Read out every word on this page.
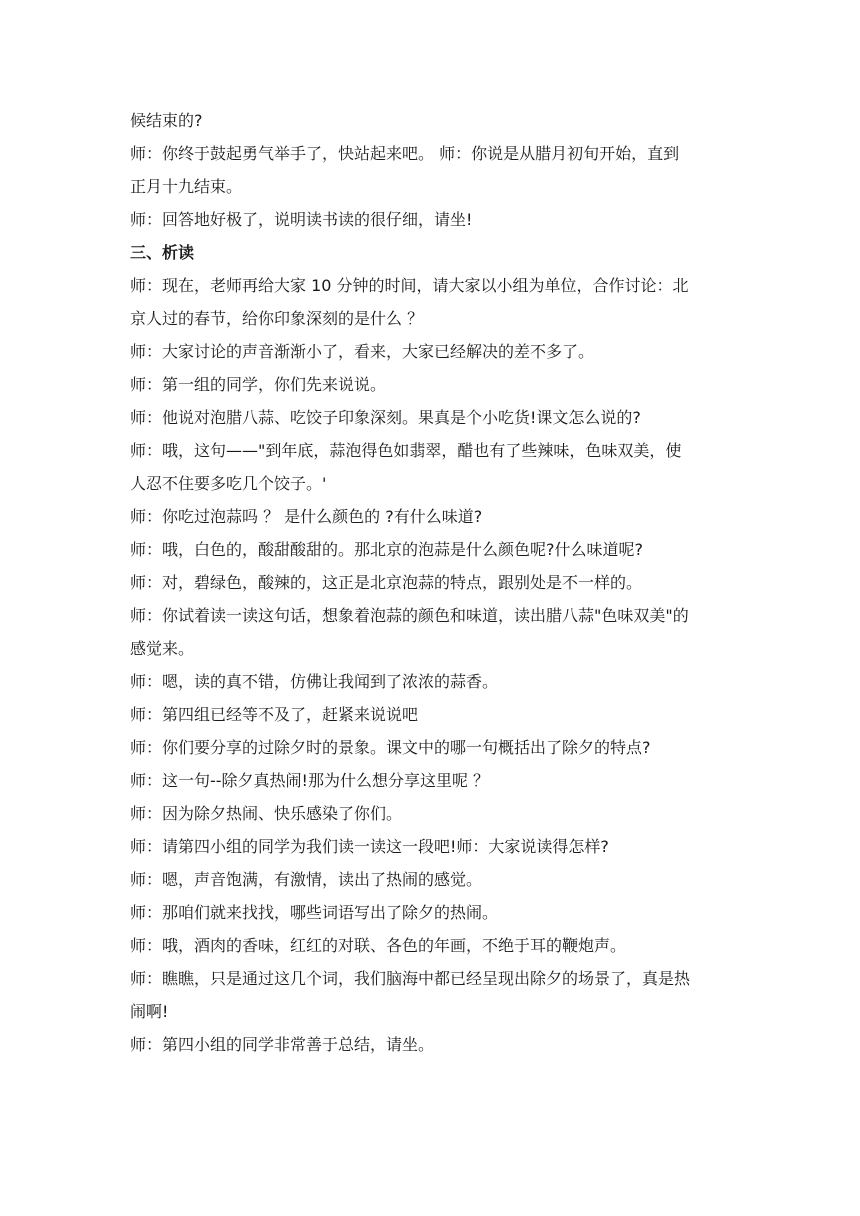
候结束的?
师：你终于鼓起勇气举手了，快站起来吧。 师：你说是从腊月初旬开始，直到
正月十九结束。
师：回答地好极了，说明读书读的很仔细，请坐!
三、析读
师：现在，老师再给大家 10 分钟的时间，请大家以小组为单位，合作讨论：北
京人过的春节，给你印象深刻的是什么 ？
师：大家讨论的声音渐渐小了，看来，大家已经解决的差不多了。
师：第一组的同学，你们先来说说。
师：他说对泡腊八蒜、吃饺子印象深刻。果真是个小吃货!课文怎么说的?
师：哦，这句——"到年底，蒜泡得色如翡翠，醋也有了些辣味，色味双美，使
人忍不住要多吃几个饺子。'
师：你吃过泡蒜吗 ？ 是什么颜色的 ?有什么味道?
师：哦，白色的，酸甜酸甜的。那北京的泡蒜是什么颜色呢?什么味道呢?
师：对，碧绿色，酸辣的，这正是北京泡蒜的特点，跟别处是不一样的。
师：你试着读一读这句话，想象着泡蒜的颜色和味道，读出腊八蒜"色味双美"的
感觉来。
师：嗯，读的真不错，仿佛让我闻到了浓浓的蒜香。
师：第四组已经等不及了，赶紧来说说吧
师：你们要分享的过除夕时的景象。课文中的哪一句概括出了除夕的特点?
师：这一句--除夕真热闹!那为什么想分享这里呢 ？
师：因为除夕热闹、快乐感染了你们。
师：请第四小组的同学为我们读一读这一段吧!师：大家说读得怎样?
师：嗯，声音饱满，有激情，读出了热闹的感觉。
师：那咱们就来找找，哪些词语写出了除夕的热闹。
师：哦，酒肉的香味，红红的对联、各色的年画，不绝于耳的鞭炮声。
师：瞧瞧，只是通过这几个词，我们脑海中都已经呈现出除夕的场景了，真是热
闹啊!
师：第四小组的同学非常善于总结，请坐。
